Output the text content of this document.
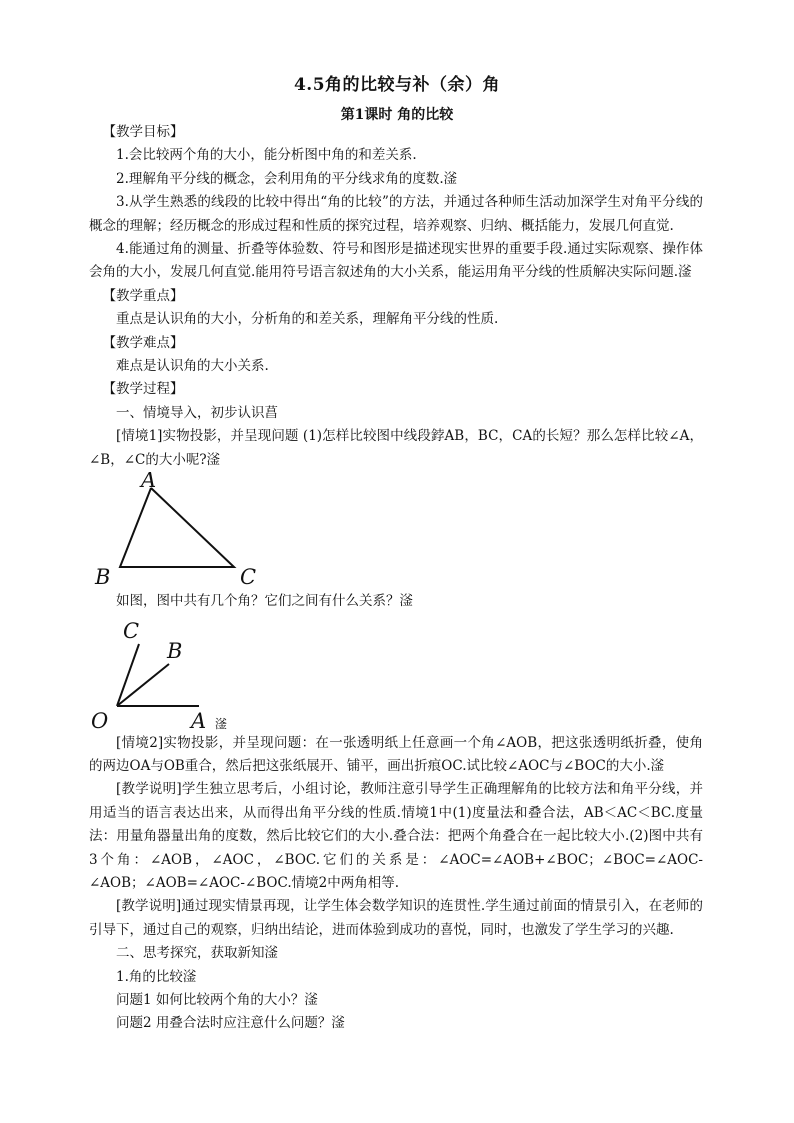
4.5角的比较与补（余）角
第1课时 角的比较

【教学目标】

1.会比较两个角的大小，能分析图中角的和差关系.

2.理解角平分线的概念，会利用角的平分线求角的度数.滏

3.从学生熟悉的线段的比较中得出“角的比较”的方法，并通过各种师生活动加深学生对角平分线的概念的理解；经历概念的形成过程和性质的探究过程，培养观察、归纳、概括能力，发展几何直觉.

4.能通过角的测量、折叠等体验数、符号和图形是描述现实世界的重要手段.通过实际观察、操作体会角的大小，发展几何直觉.能用符号语言叙述角的大小关系，能运用角平分线的性质解决实际问题.滏

【教学重点】

重点是认识角的大小，分析角的和差关系，理解角平分线的性质.

【教学难点】

难点是认识角的大小关系.

【教学过程】

一、情境导入，初步认识菖

[情境1]实物投影，并呈现问题 (1)怎样比较图中线段鋍AB，BC，CA的长短？那么怎样比较∠A，∠B，∠C的大小呢?滏

A
B	C

如图，图中共有几个角？它们之间有什么关系？滏

C
B
O	A 滏

[情境2]实物投影，并呈现问题：在一张透明纸上任意画一个角∠AOB，把这张透明纸折叠，使角的两边OA与OB重合，然后把这张纸展开、铺平，画出折痕OC.试比较∠AOC与∠BOC的大小.滏

[教学说明]学生独立思考后，小组讨论，教师注意引导学生正确理解角的比较方法和角平分线，并用适当的语言表达出来，从而得出角平分线的性质.情境1中(1)度量法和叠合法，AB＜AC＜BC.度量法：用量角器量出角的度数，然后比较它们的大小.叠合法：把两个角叠合在一起比较大小.(2)图中共有3个角：∠AOB，∠AOC，∠BOC.它们的关系是：∠AOC=∠AOB+∠BOC；∠BOC=∠AOC-∠AOB；∠AOB=∠AOC-∠BOC.情境2中两角相等.

[教学说明]通过现实情景再现，让学生体会数学知识的连贯性.学生通过前面的情景引入，在老师的引导下，通过自己的观察，归纳出结论，进而体验到成功的喜悦，同时，也激发了学生学习的兴趣.

二、思考探究，获取新知滏

1.角的比较滏

问题1 如何比较两个角的大小？滏

问题2 用叠合法时应注意什么问题？滏
